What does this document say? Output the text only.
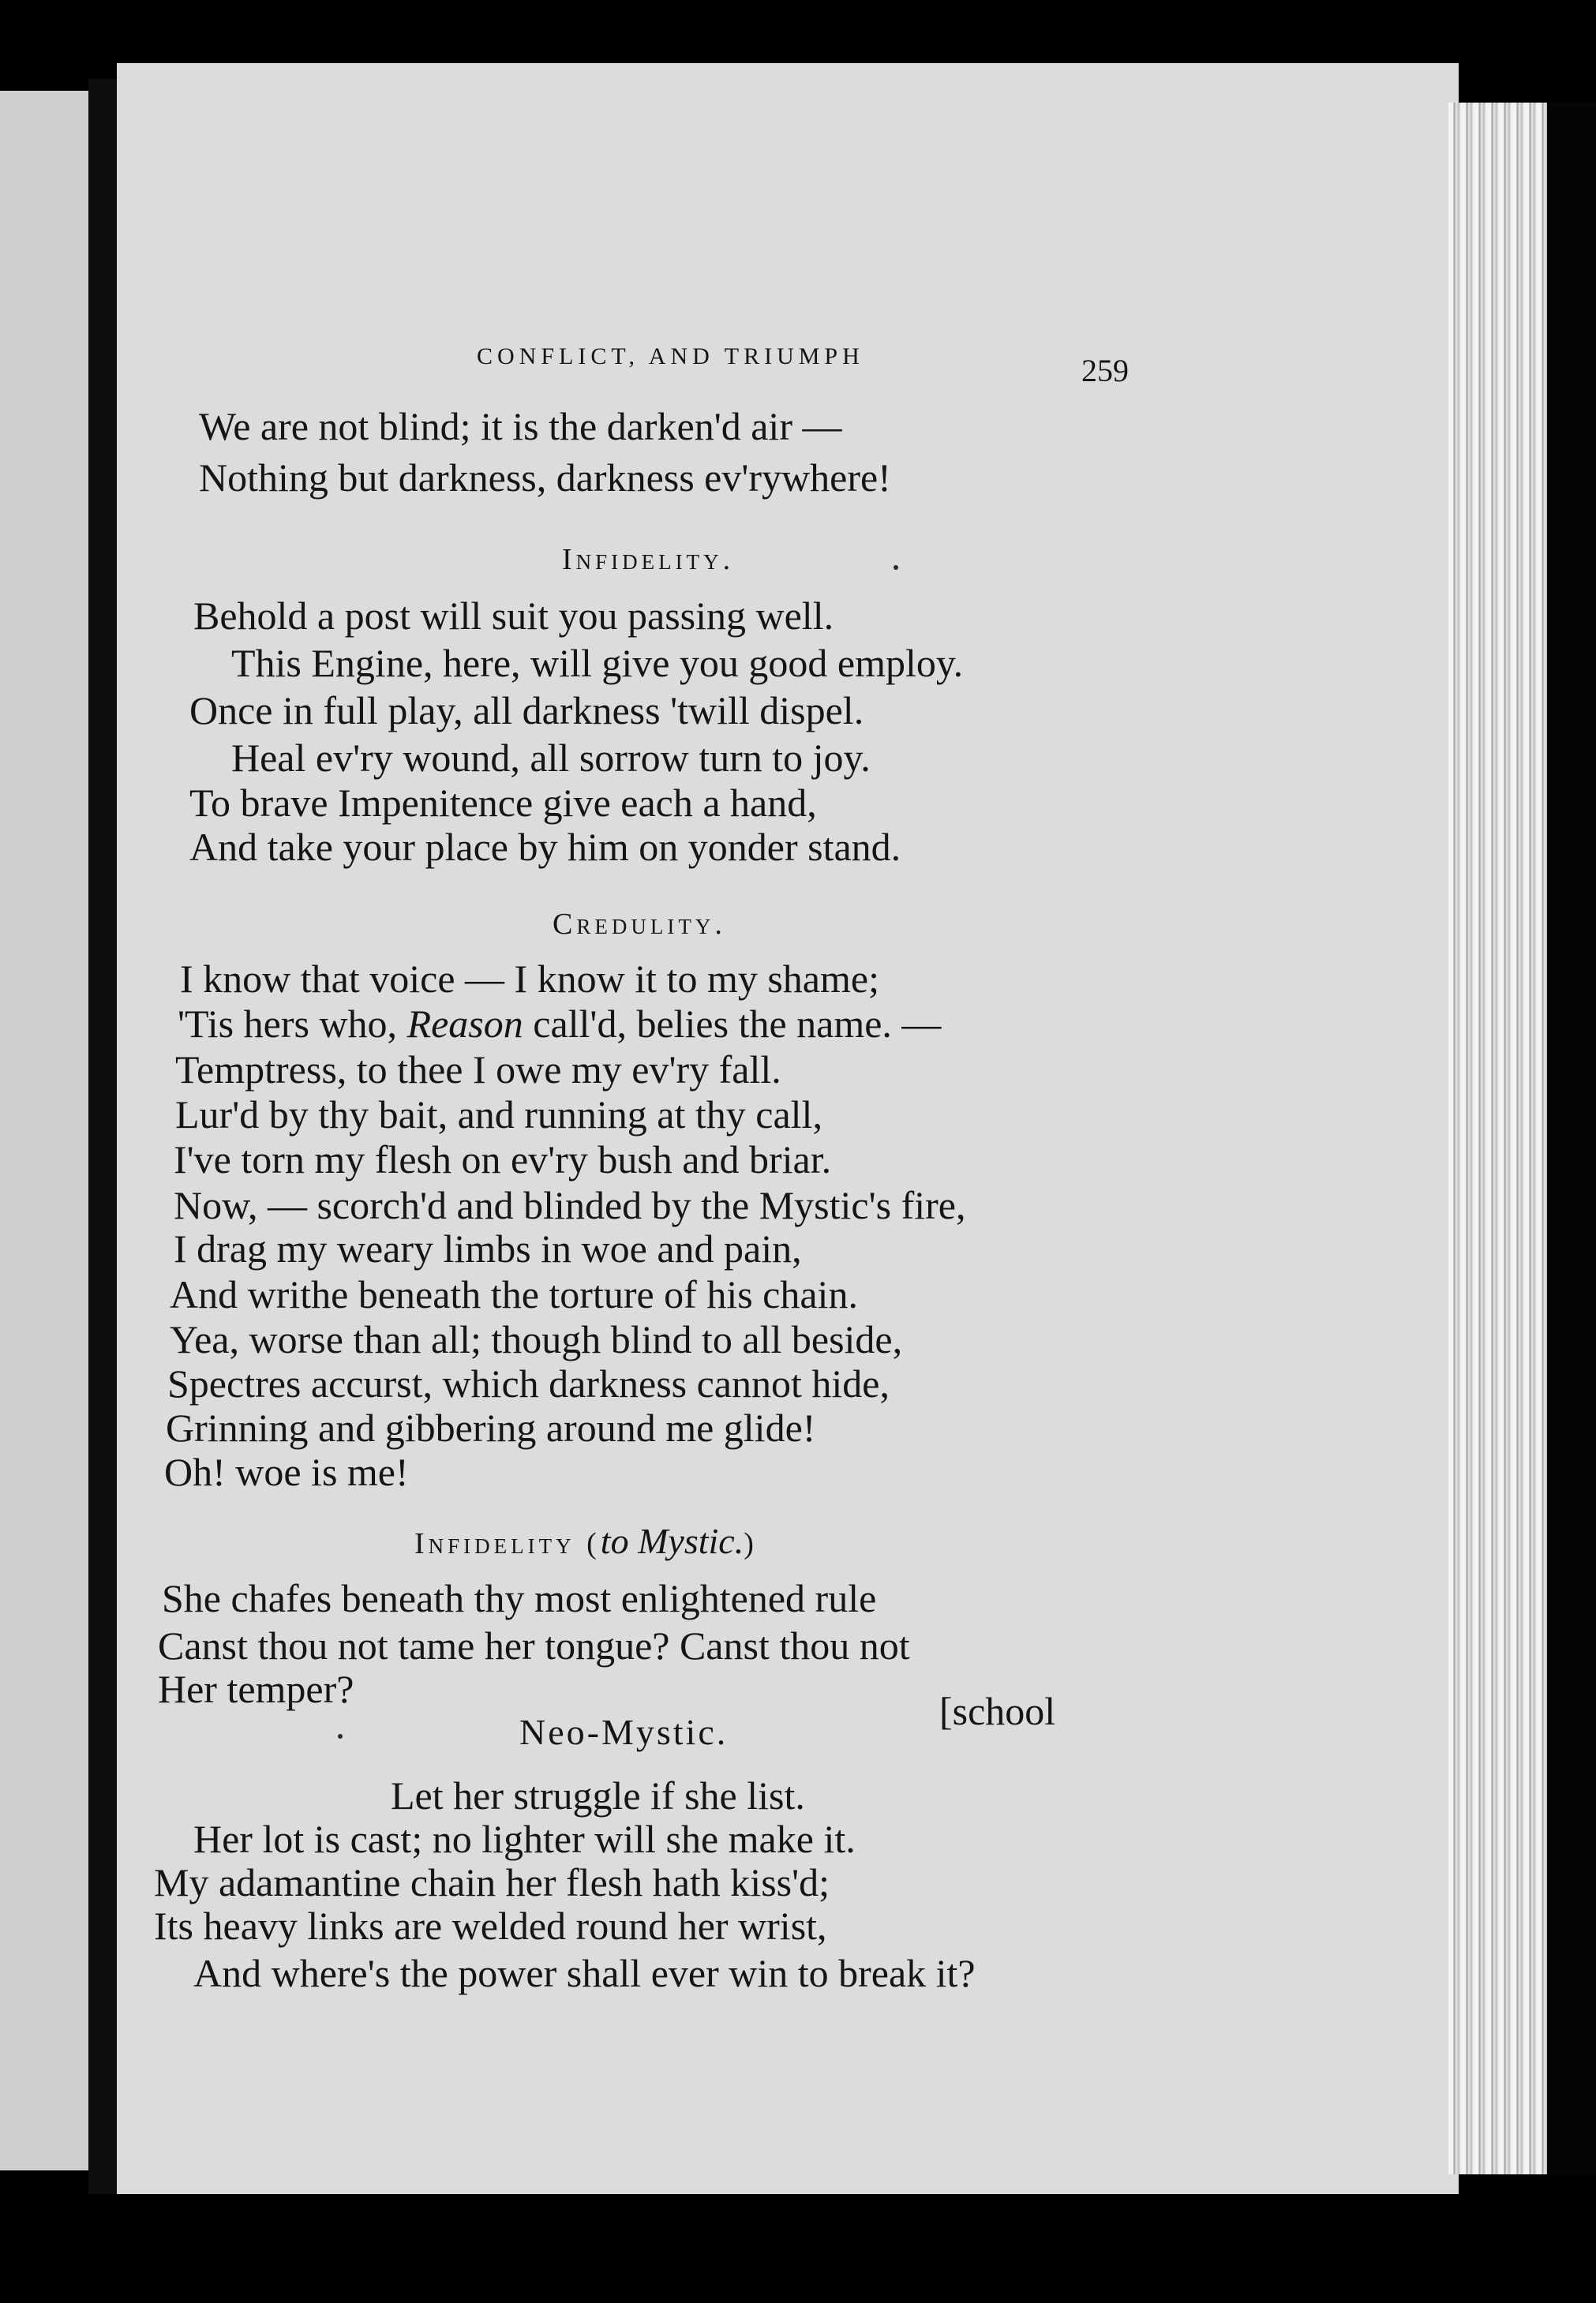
CONFLICT, AND TRIUMPH	259
We are not blind; it is the darken'd air —
Nothing but darkness, darkness ev'rywhere!
Infidelity.
Behold a post will suit you passing well.
This Engine, here, will give you good employ.
Once in full play, all darkness 'twill dispel.
Heal ev'ry wound, all sorrow turn to joy.
To brave Impenitence give each a hand,
And take your place by him on yonder stand.
Credulity.
I know that voice — I know it to my shame;
'Tis hers who, Reason call'd, belies the name. —
Temptress, to thee I owe my ev'ry fall.
Lur'd by thy bait, and running at thy call,
I've torn my flesh on ev'ry bush and briar.
Now, — scorch'd and blinded by the Mystic's fire,
I drag my weary limbs in woe and pain,
And writhe beneath the torture of his chain.
Yea, worse than all; though blind to all beside,
Spectres accurst, which darkness cannot hide,
Grinning and gibbering around me glide!
Oh! woe is me!
Infidelity (to Mystic.)
She chafes beneath thy most enlightened rule
Canst thou not tame her tongue? Canst thou not
Her temper?	[school
Neo-Mystic.
Let her struggle if she list.
Her lot is cast; no lighter will she make it.
My adamantine chain her flesh hath kiss'd;
Its heavy links are welded round her wrist,
And where's the power shall ever win to break it?
